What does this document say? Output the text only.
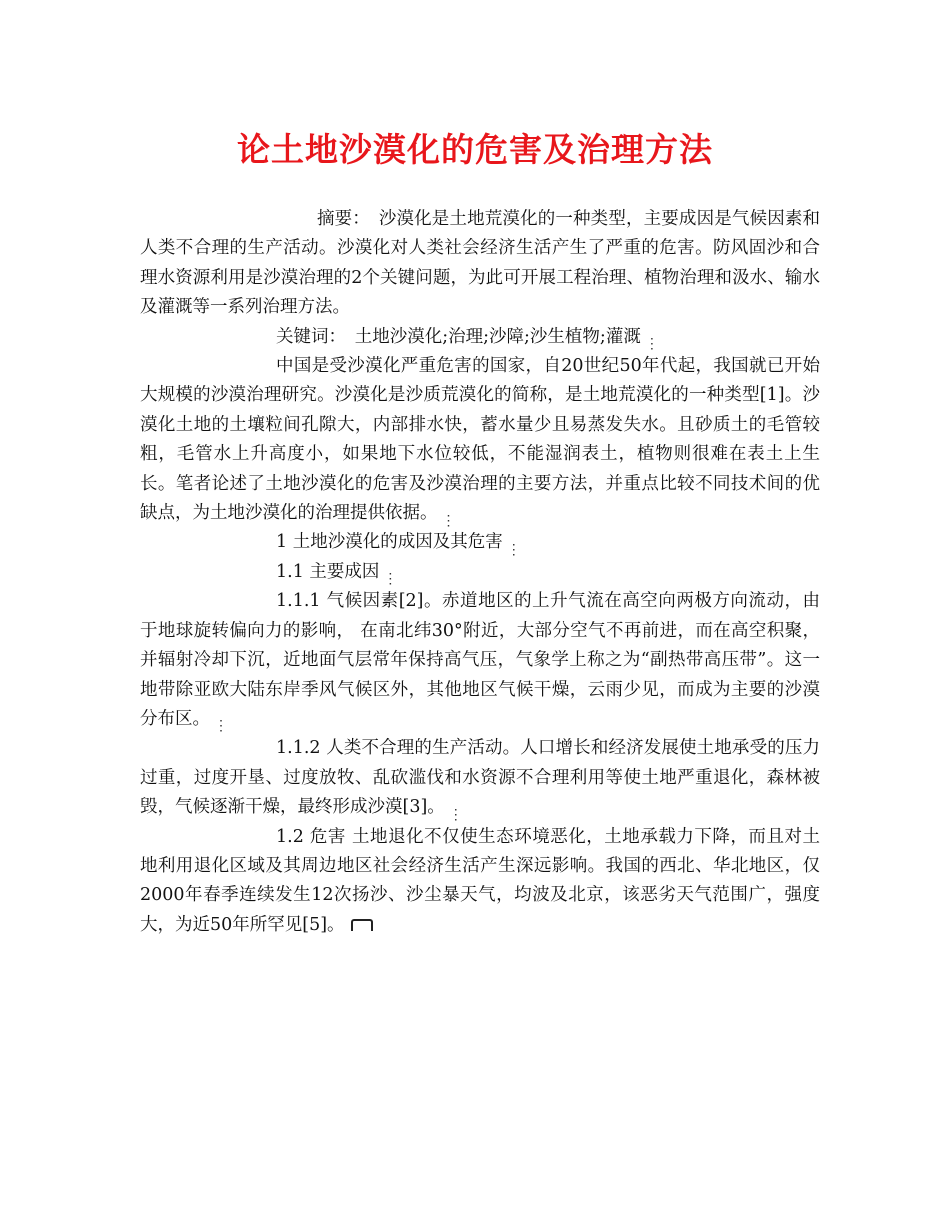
论土地沙漠化的危害及治理方法

摘要：　沙漠化是土地荒漠化的一种类型，主要成因是气候因素和人类不合理的生产活动。沙漠化对人类社会经济生活产生了严重的危害。防风固沙和合理水资源利用是沙漠治理的2个关键问题，为此可开展工程治理、植物治理和汲水、输水及灌溉等一系列治理方法。

关键词：　土地沙漠化;治理;沙障;沙生植物;灌溉 ⋮

中国是受沙漠化严重危害的国家，自20世纪50年代起，我国就已开始大规模的沙漠治理研究。沙漠化是沙质荒漠化的简称，是土地荒漠化的一种类型[1]。沙漠化土地的土壤粒间孔隙大，内部排水快，蓄水量少且易蒸发失水。且砂质土的毛管较粗，毛管水上升高度小，如果地下水位较低，不能湿润表土，植物则很难在表土上生长。笔者论述了土地沙漠化的危害及沙漠治理的主要方法，并重点比较不同技术间的优缺点，为土地沙漠化的治理提供依据。 ⋮

1 土地沙漠化的成因及其危害 ⋮

1.1 主要成因 ⋮

1.1.1 气候因素[2]。赤道地区的上升气流在高空向两极方向流动，由于地球旋转偏向力的影响， 在南北纬30°附近，大部分空气不再前进，而在高空积聚，并辐射冷却下沉，近地面气层常年保持高气压，气象学上称之为“副热带高压带”。这一地带除亚欧大陆东岸季风气候区外，其他地区气候干燥，云雨少见，而成为主要的沙漠分布区。 ⋮

1.1.2 人类不合理的生产活动。人口增长和经济发展使土地承受的压力过重，过度开垦、过度放牧、乱砍滥伐和水资源不合理利用等使土地严重退化，森林被毁，气候逐渐干燥，最终形成沙漠[3]。 ⋮

1.2 危害 土地退化不仅使生态环境恶化，土地承载力下降，而且对土地利用退化区域及其周边地区社会经济生活产生深远影响。我国的西北、华北地区，仅2000年春季连续发生12次扬沙、沙尘暴天气，均波及北京，该恶劣天气范围广，强度大，为近50年所罕见[5]。
